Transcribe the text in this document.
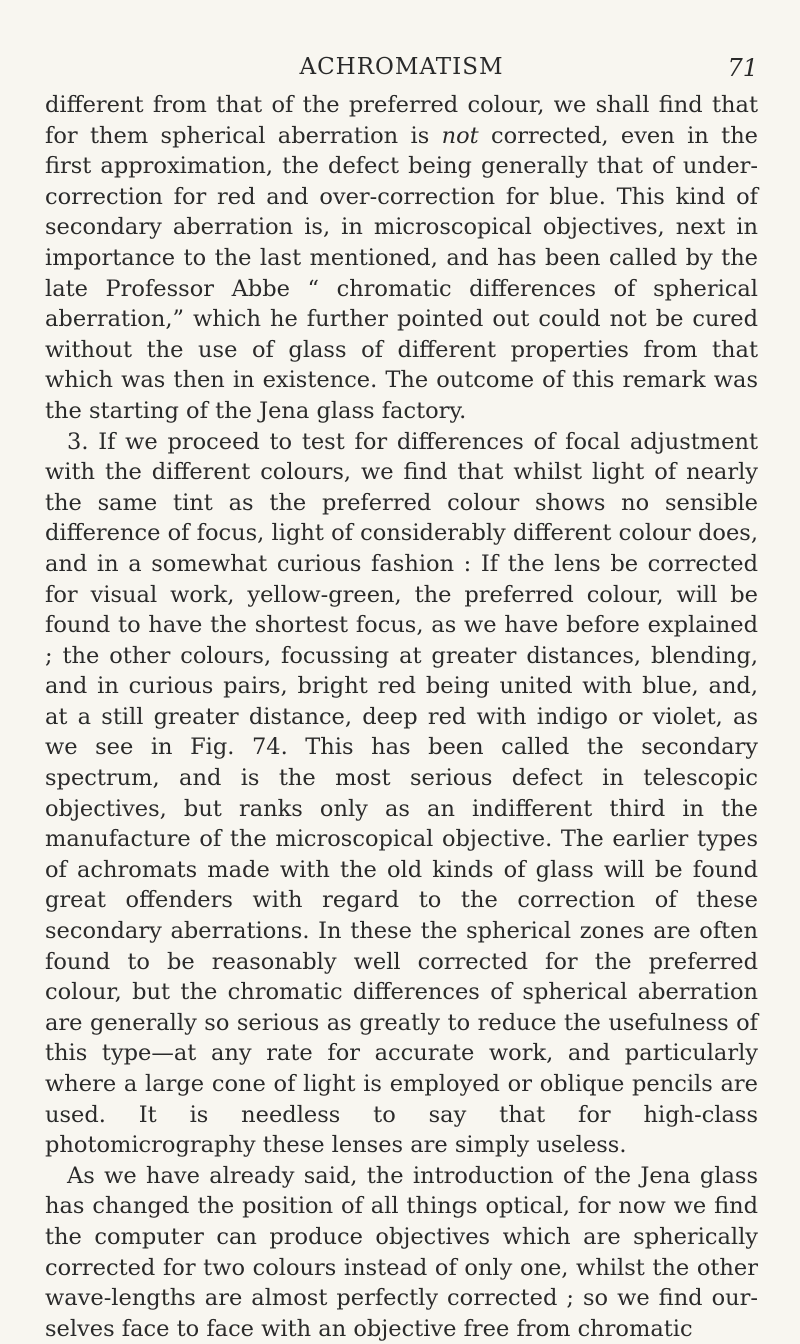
ACHROMATISM	71

different from that of the preferred colour, we shall find that for them spherical aberration is not corrected, even in the first approximation, the defect being generally that of under-correction for red and over-correction for blue. This kind of secondary aberration is, in microscopical objectives, next in importance to the last mentioned, and has been called by the late Professor Abbe “ chromatic differences of spherical aberration,” which he further pointed out could not be cured without the use of glass of different properties from that which was then in existence. The outcome of this remark was the starting of the Jena glass factory.

3. If we proceed to test for differences of focal adjustment with the different colours, we find that whilst light of nearly the same tint as the preferred colour shows no sensible difference of focus, light of considerably different colour does, and in a somewhat curious fashion : If the lens be corrected for visual work, yellow-green, the preferred colour, will be found to have the shortest focus, as we have before explained ; the other colours, focussing at greater distances, blending, and in curious pairs, bright red being united with blue, and, at a still greater distance, deep red with indigo or violet, as we see in Fig. 74. This has been called the secondary spectrum, and is the most serious defect in telescopic objectives, but ranks only as an indifferent third in the manufacture of the microscopical objective. The earlier types of achromats made with the old kinds of glass will be found great offenders with regard to the correction of these secondary aberrations. In these the spherical zones are often found to be reasonably well corrected for the preferred colour, but the chromatic differences of spherical aberration are generally so serious as greatly to reduce the usefulness of this type—at any rate for accurate work, and particularly where a large cone of light is employed or oblique pencils are used. It is needless to say that for high-class photomicrography these lenses are simply useless.

As we have already said, the introduction of the Jena glass has changed the position of all things optical, for now we find the computer can produce objectives which are spherically corrected for two colours instead of only one, whilst the other wave-lengths are almost perfectly corrected ; so we find our-selves face to face with an objective free from chromatic
